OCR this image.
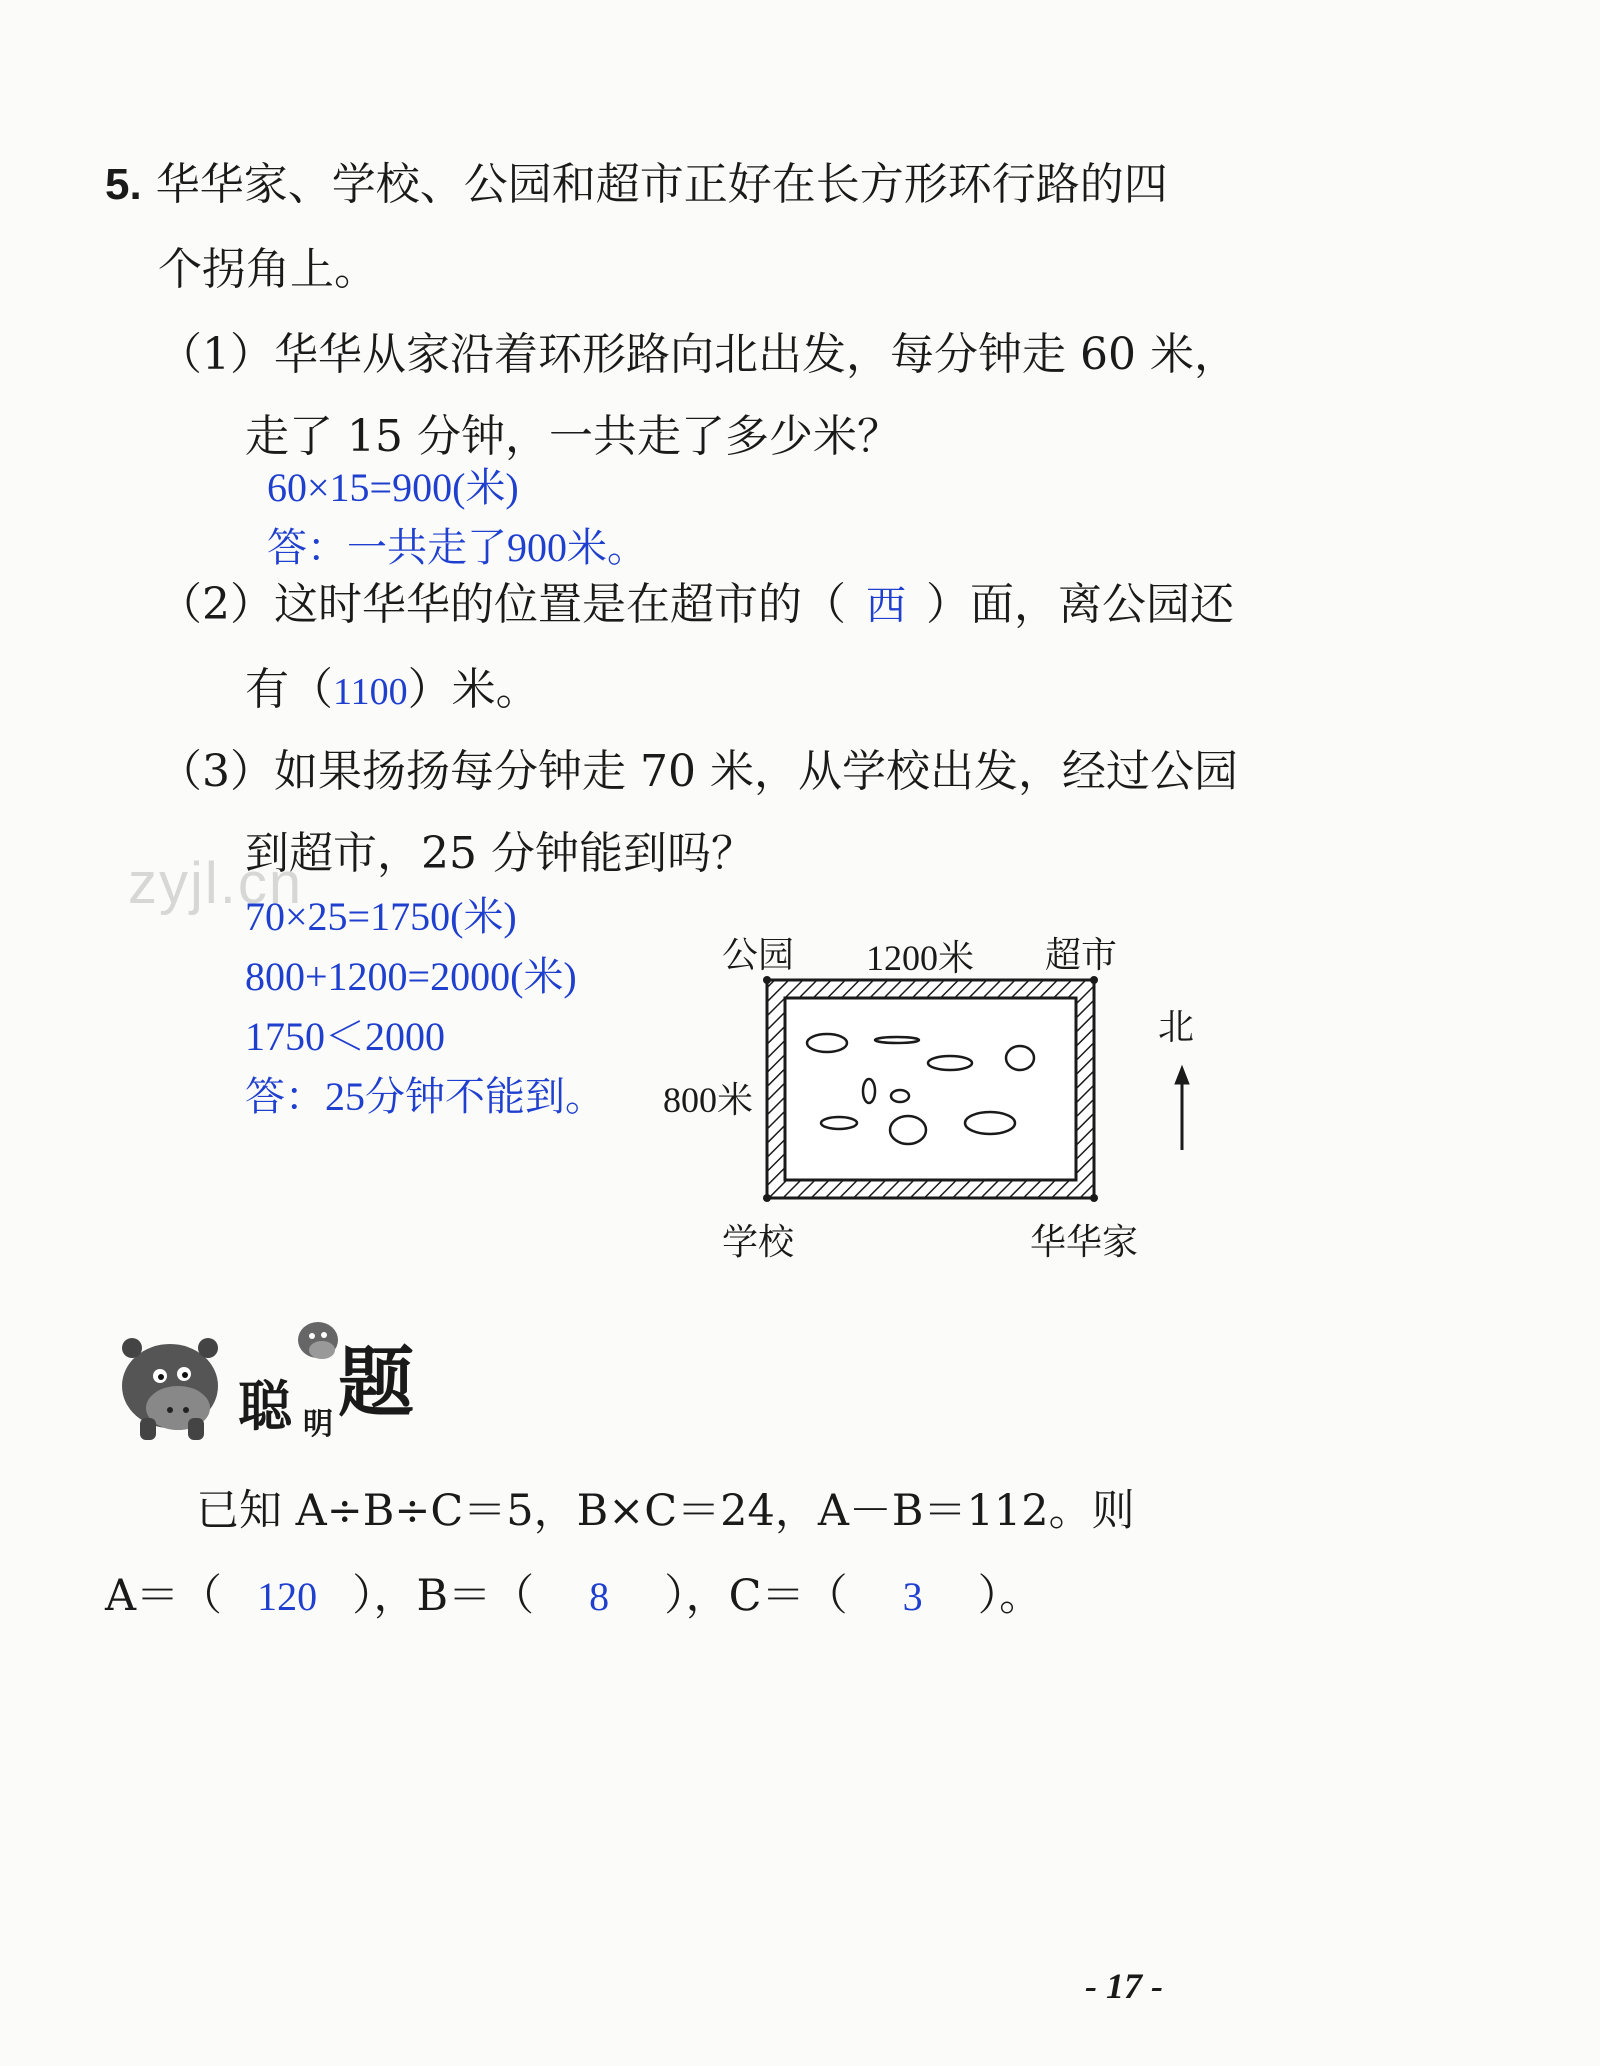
5. 华华家、学校、公园和超市正好在长方形环行路的四
个拐角上。
（1）华华从家沿着环形路向北出发，每分钟走 60 米，
走了 15 分钟，一共走了多少米？
60×15=900(米)
答：一共走了900米。
（2）这时华华的位置是在超市的（ 西 ）面，离公园还
有（1100）米。
（3）如果扬扬每分钟走 70 米，从学校出发，经过公园
到超市，25 分钟能到吗？
70×25=1750(米)
800+1200=2000(米)
1750＜2000
答：25分钟不能到。
zyjl.cn
公园 1200米 超市
800米
学校	华华家
北
聪 明 题
已知 A÷B÷C＝5，B×C＝24，A－B＝112。则
A＝（ 120 ），B＝（ 8 ），C＝（ 3 ）。
- 17 -
